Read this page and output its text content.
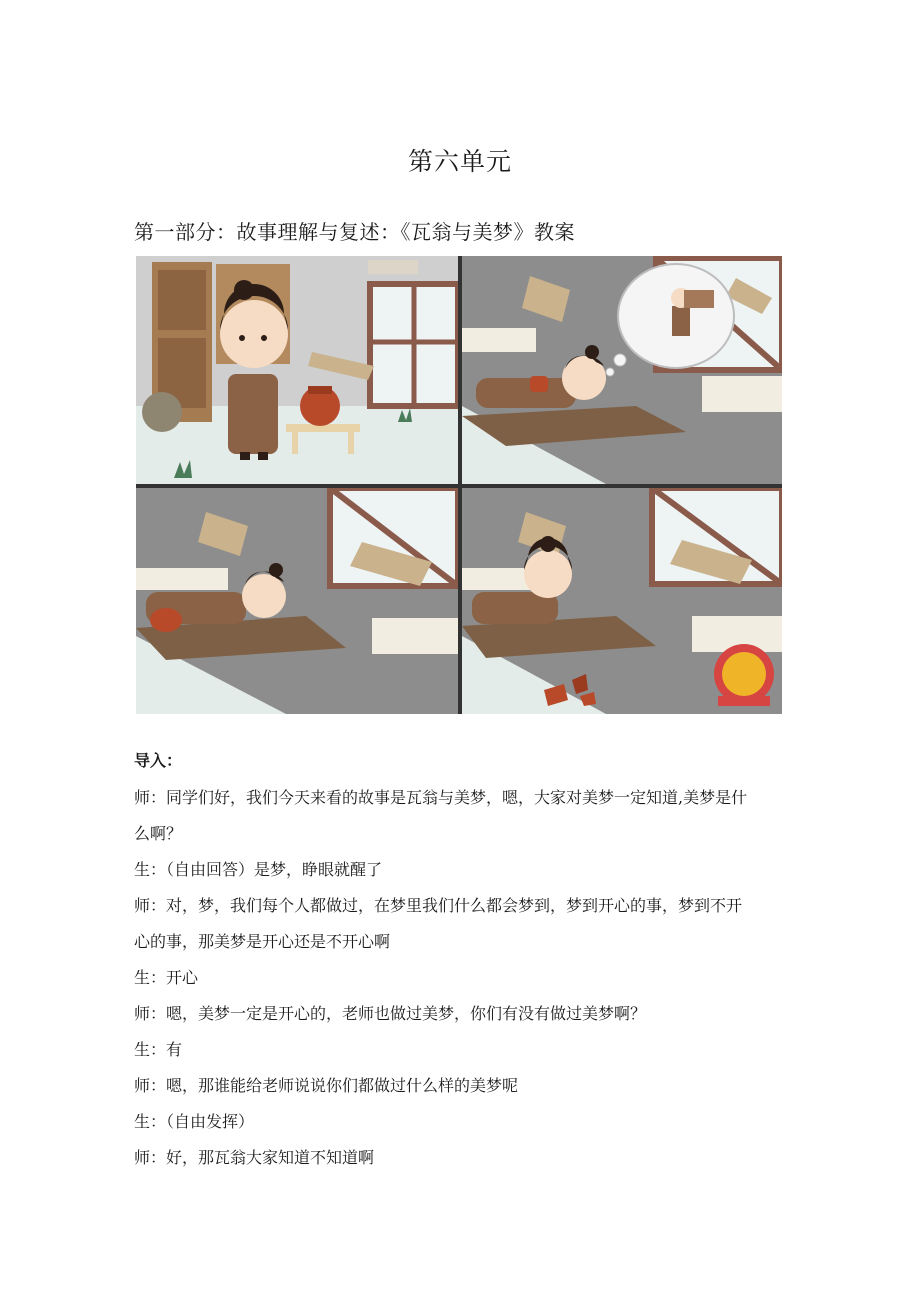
第六单元
第一部分：故事理解与复述：《瓦翁与美梦》教案
导入：
师：同学们好，我们今天来看的故事是瓦翁与美梦，嗯，大家对美梦一定知道,美梦是什
么啊？
生：（自由回答）是梦，睁眼就醒了
师：对，梦，我们每个人都做过，在梦里我们什么都会梦到，梦到开心的事，梦到不开
心的事，那美梦是开心还是不开心啊
生：开心
师：嗯，美梦一定是开心的，老师也做过美梦，你们有没有做过美梦啊？
生：有
师：嗯，那谁能给老师说说你们都做过什么样的美梦呢
生：（自由发挥）
师：好，那瓦翁大家知道不知道啊
